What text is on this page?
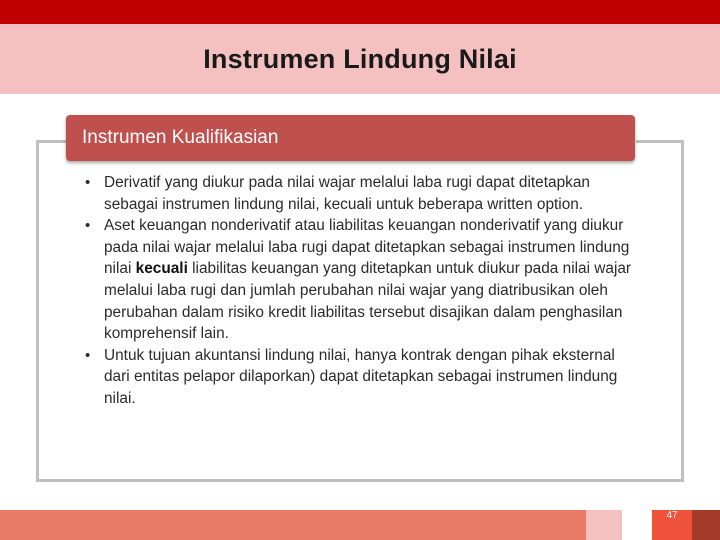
Instrumen Lindung Nilai
Instrumen Kualifikasian
• Derivatif yang diukur pada nilai wajar melalui laba rugi dapat ditetapkan sebagai instrumen lindung nilai, kecuali untuk beberapa written option.
• Aset keuangan nonderivatif atau liabilitas keuangan nonderivatif yang diukur pada nilai wajar melalui laba rugi dapat ditetapkan sebagai instrumen lindung nilai kecuali liabilitas keuangan yang ditetapkan untuk diukur pada nilai wajar melalui laba rugi dan jumlah perubahan nilai wajar yang diatribusikan oleh perubahan dalam risiko kredit liabilitas tersebut disajikan dalam penghasilan komprehensif lain.
• Untuk tujuan akuntansi lindung nilai, hanya kontrak dengan pihak eksternal dari entitas pelapor dilaporkan) dapat ditetapkan sebagai instrumen lindung nilai.
47
